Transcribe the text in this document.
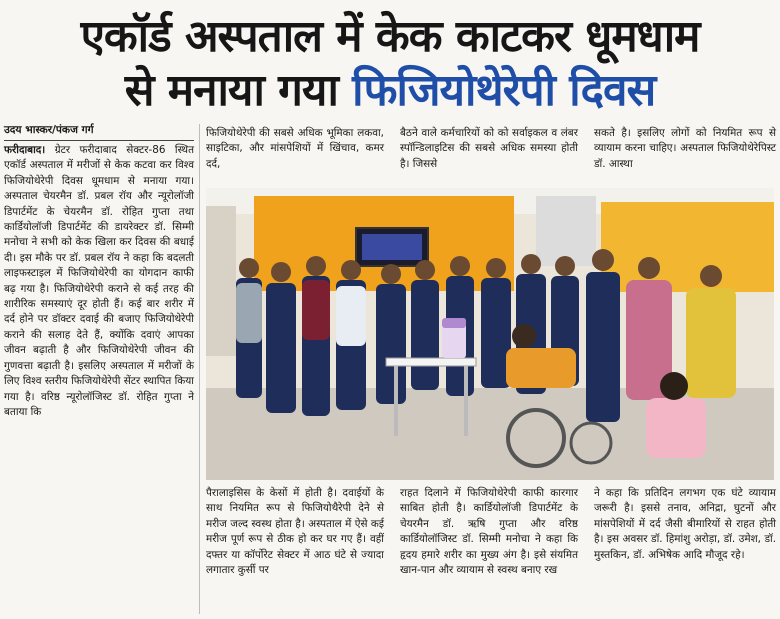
एकॉर्ड अस्पताल में केक काटकर धूमधाम
से मनाया गया फिजियोथेरेपी दिवस
उदय भास्कर/पंकज गर्ग
फरीदाबाद। ग्रेटर फरीदाबाद सेक्टर-86 स्थित एकॉर्ड अस्पताल में मरीजों से केक कटवा कर विश्व फिजियोथेरेपी दिवस धूमधाम से मनाया गया। अस्पताल चेयरमैन डॉ. प्रबल रॉय और न्यूरोलॉजी डिपार्टमेंट के चेयरमैन डॉ. रोहित गुप्ता तथा कार्डियोलॉजी डिपार्टमेंट की डायरेक्टर डॉ. सिम्मी मनोचा ने सभी को केक खिला कर दिवस की बधाई दी। इस मौके पर डॉ. प्रबल रॉय ने कहा कि बदलती लाइफस्टाइल में फिजियोथेरेपी का योगदान काफी बढ़ गया है। फिजियोथेरेपी कराने से कई तरह की शारीरिक समस्याएं दूर होती हैं। कई बार शरीर में दर्द होने पर डॉक्टर दवाई की बजाए फिजियोथेरेपी कराने की सलाह देते हैं, क्योंकि दवाएं आपका जीवन बढ़ाती है और फिजियोथेरेपी जीवन की गुणवत्ता बढ़ाती है। इसलिए अस्पताल में मरीजों के लिए विश्व स्तरीय फिजियोथेरेपी सेंटर स्थापित किया गया है। वरिष्ठ न्यूरोलॉजिस्ट डॉ. रोहित गुप्ता ने बताया कि
फिजियोथेरेपी की सबसे अधिक भूमिका लकवा, साइटिका, और मांसपेशियों में खिंचाव, कमर दर्द,
बैठने वाले कर्मचारियों को को सर्वाइकल व लंबर स्पॉन्डिलाइटिस की सबसे अधिक समस्या होती है। जिससे
सकते है। इसलिए लोगों को नियमित रूप से व्यायाम करना चाहिए। अस्पताल फिजियोथेरेपिस्ट डॉ. आस्था
पैरालाइसिस के केसों में होती है। दवाईयों के साथ नियमित रूप से फिजियोथैरेपी देने से मरीज जल्द स्वस्थ होता है। अस्पताल में ऐसे कई मरीज पूर्ण रूप से ठीक हो कर घर गए हैं। वहीं दफ्तर या कॉर्पोरेट सेक्टर में आठ घंटे से ज्यादा लगातार कुर्सी पर
राहत दिलाने में फिजियोथेरेपी काफी कारगार साबित होती है। कार्डियोलॉजी डिपार्टमेंट के चेयरमैन डॉ. ऋषि गुप्ता और वरिष्ठ कार्डियोलॉजिस्ट डॉ. सिम्मी मनोचा ने कहा कि हृदय हमारे शरीर का मुख्य अंग है। इसे संयमित खान-पान और व्यायाम से स्वस्थ बनाए रख
ने कहा कि प्रतिदिन लगभग एक घंटे व्यायाम जरूरी है। इससे तनाव, अनिद्रा, घुटनों और मांसपेशियों में दर्द जैसी बीमारियों से राहत होती है। इस अवसर डॉ. हिमांशु अरोड़ा, डॉ. उमेश, डॉ. मुस्तकिन, डॉ. अभिषेक आदि मौजूद रहे।
